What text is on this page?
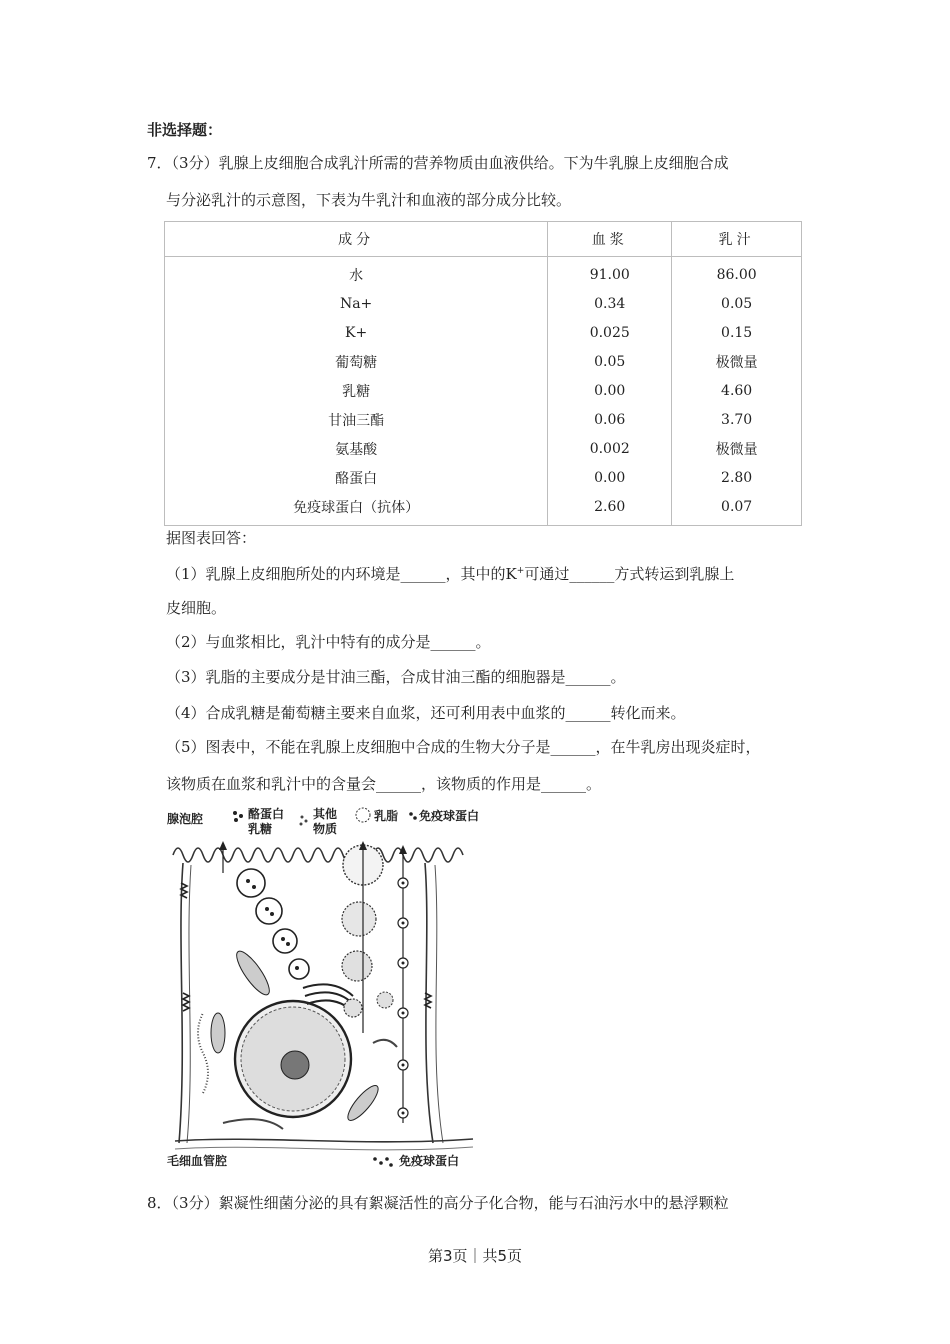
非选择题：
7．（3分）乳腺上皮细胞合成乳汁所需的营养物质由血液供给。下为牛乳腺上皮细胞合成
与分泌乳汁的示意图，下表为牛乳汁和血液的部分成分比较。
成分	血浆	乳汁
水	91.00	86.00
Na+	0.34	0.05
K+	0.025	0.15
葡萄糖	0.05	极微量
乳糖	0.00	4.60
甘油三酯	0.06	3.70
氨基酸	0.002	极微量
酪蛋白	0.00	2.80
免疫球蛋白（抗体）	2.60	0.07
据图表回答：
（1）乳腺上皮细胞所处的内环境是______，其中的K+可通过______方式转运到乳腺上
皮细胞。
（2）与血浆相比，乳汁中特有的成分是______。
（3）乳脂的主要成分是甘油三酯，合成甘油三酯的细胞器是______。
（4）合成乳糖是葡萄糖主要来自血浆，还可利用表中血浆的______转化而来。
（5）图表中，不能在乳腺上皮细胞中合成的生物大分子是______，在牛乳房出现炎症时，
该物质在血浆和乳汁中的含量会______，该物质的作用是______。
腺泡腔	酪蛋白
乳糖
其他
物质
乳脂 免疫球蛋白
毛细血管腔	免疫球蛋白
8．（3分）絮凝性细菌分泌的具有絮凝活性的高分子化合物，能与石油污水中的悬浮颗粒
第3页｜共5页
